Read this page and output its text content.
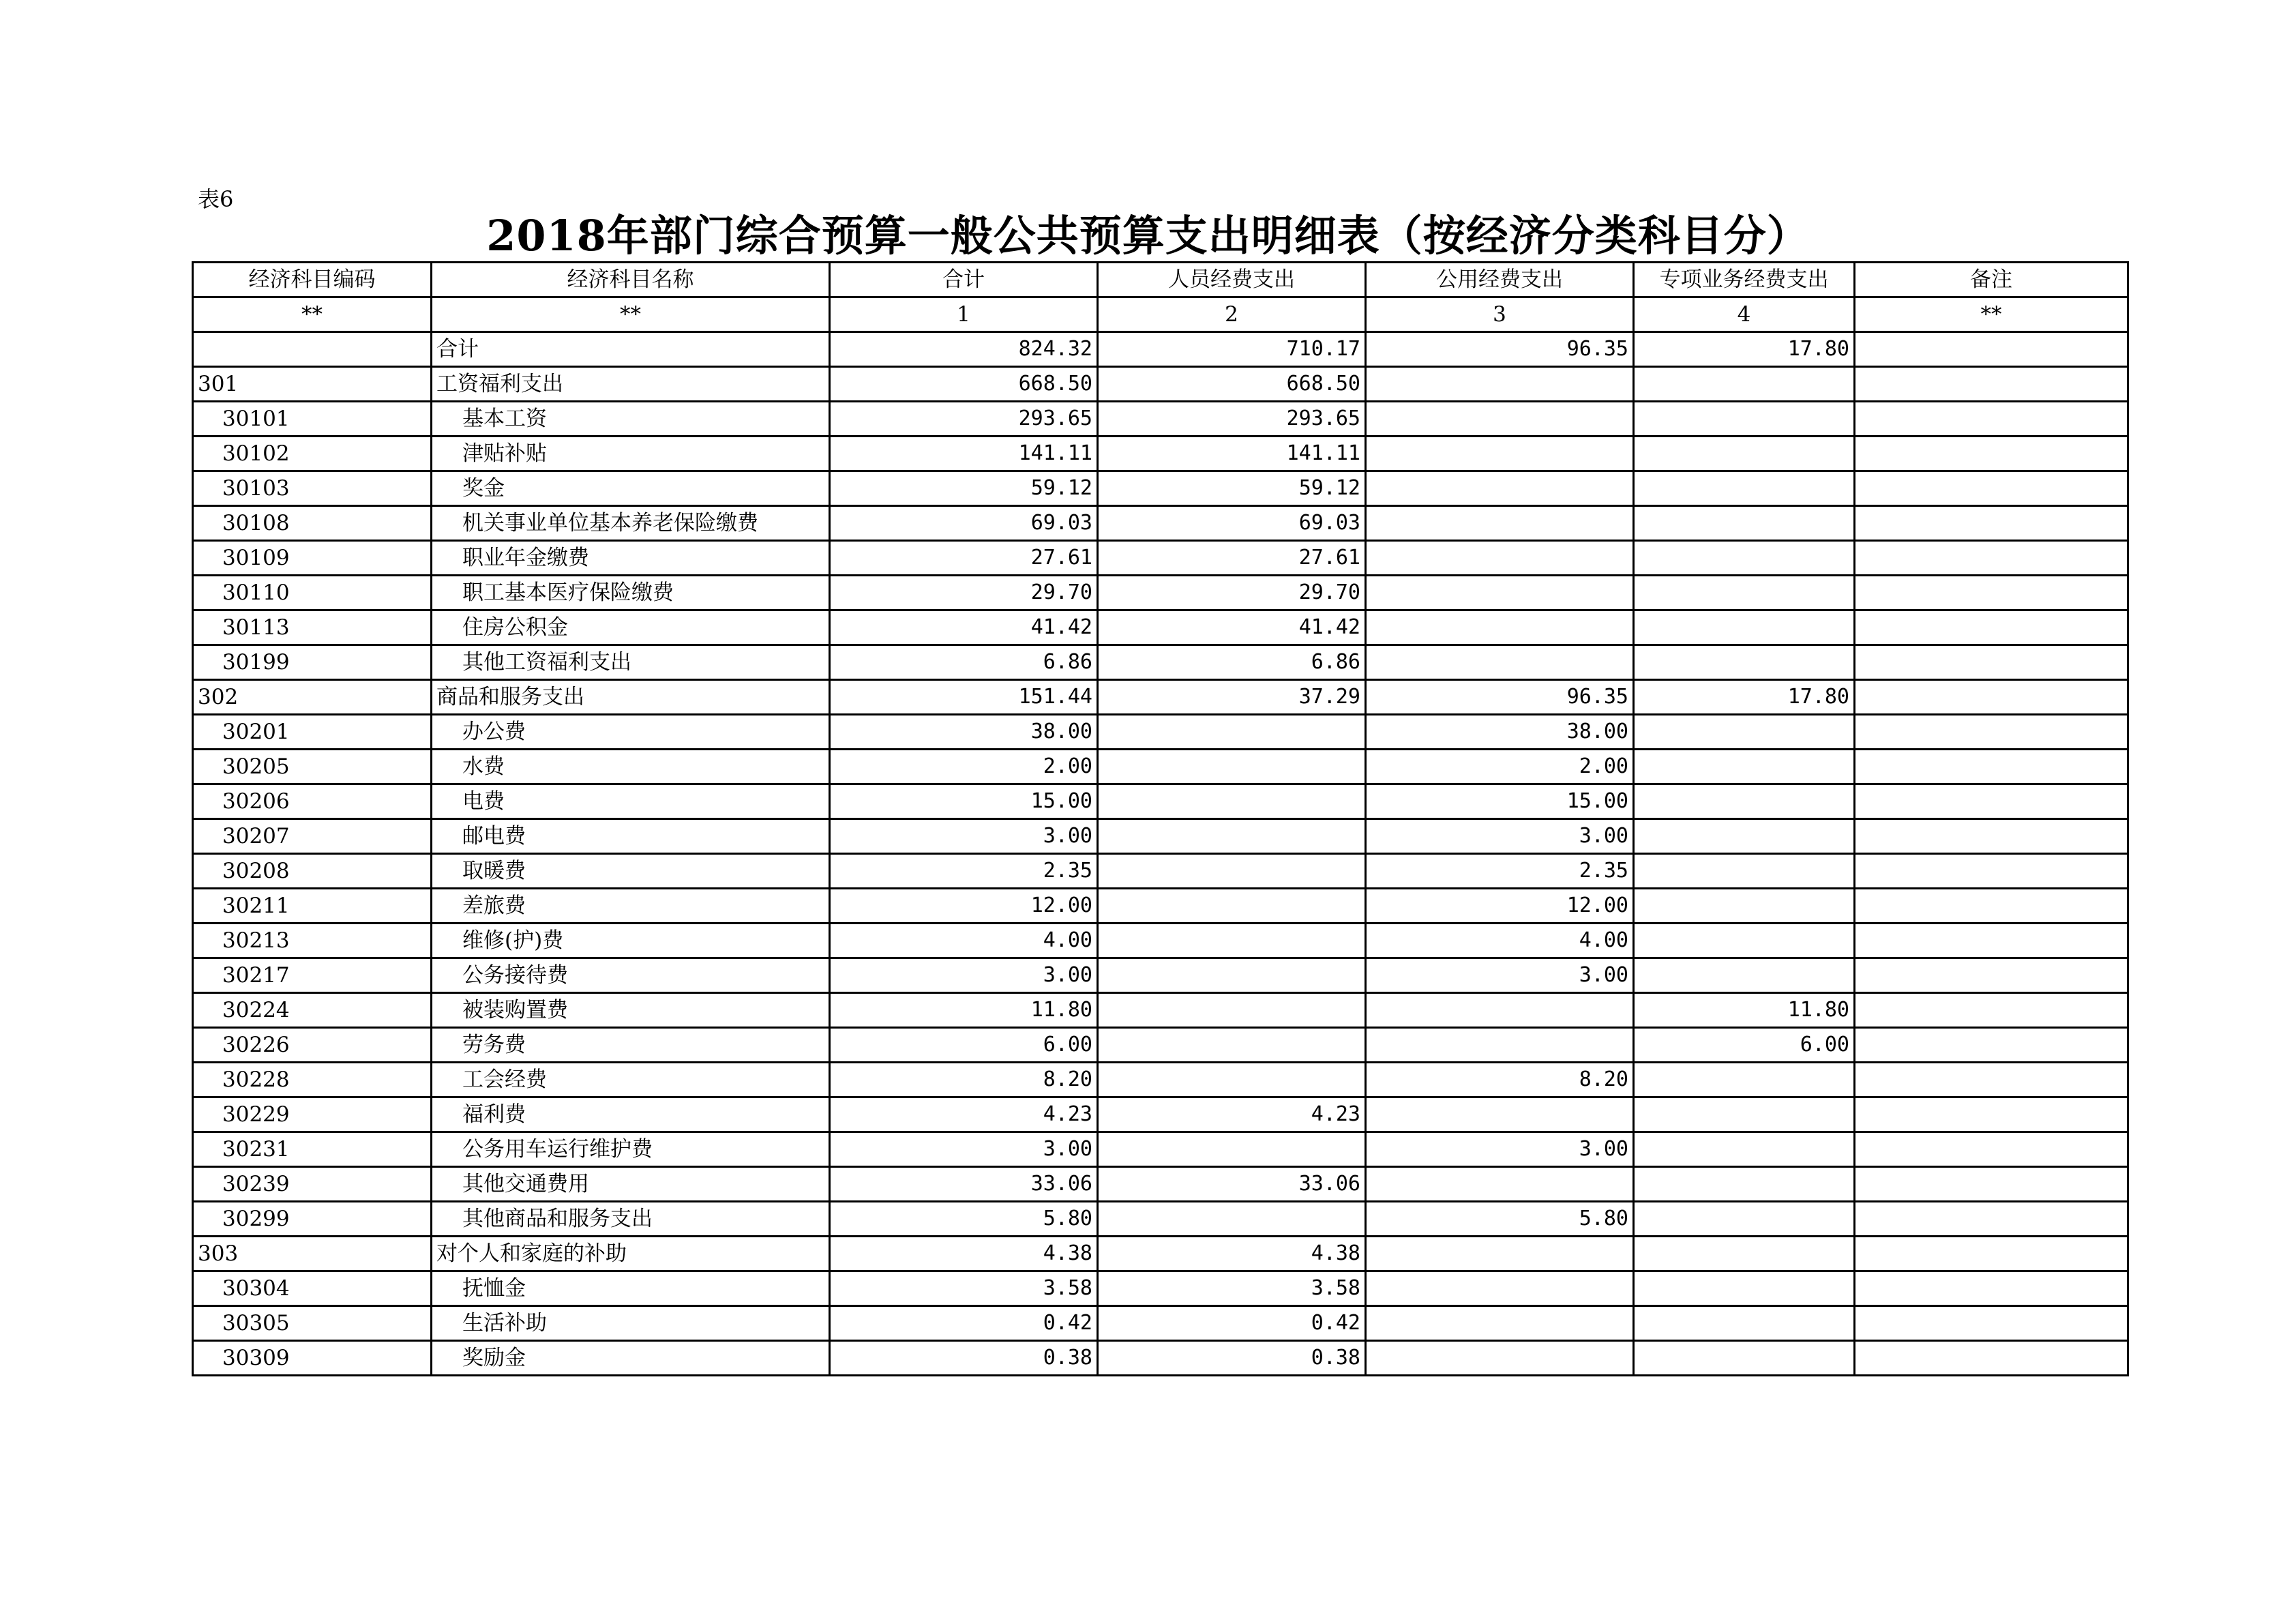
表6
2018年部门综合预算一般公共预算支出明细表（按经济分类科目分）
经济科目编码	经济科目名称	合计	人员经费支出	公用经费支出	专项业务经费支出	备注
**	**	1	2	3	4	**
	合计	824.32	710.17	96.35	17.80	
301	工资福利支出	668.50	668.50			
30101	基本工资	293.65	293.65			
30102	津贴补贴	141.11	141.11			
30103	奖金	59.12	59.12			
30108	机关事业单位基本养老保险缴费	69.03	69.03			
30109	职业年金缴费	27.61	27.61			
30110	职工基本医疗保险缴费	29.70	29.70			
30113	住房公积金	41.42	41.42			
30199	其他工资福利支出	6.86	6.86			
302	商品和服务支出	151.44	37.29	96.35	17.80	
30201	办公费	38.00		38.00		
30205	水费	2.00		2.00		
30206	电费	15.00		15.00		
30207	邮电费	3.00		3.00		
30208	取暖费	2.35		2.35		
30211	差旅费	12.00		12.00		
30213	维修(护)费	4.00		4.00		
30217	公务接待费	3.00		3.00		
30224	被装购置费	11.80			11.80	
30226	劳务费	6.00			6.00	
30228	工会经费	8.20		8.20		
30229	福利费	4.23	4.23			
30231	公务用车运行维护费	3.00		3.00		
30239	其他交通费用	33.06	33.06			
30299	其他商品和服务支出	5.80		5.80		
303	对个人和家庭的补助	4.38	4.38			
30304	抚恤金	3.58	3.58			
30305	生活补助	0.42	0.42			
30309	奖励金	0.38	0.38			
